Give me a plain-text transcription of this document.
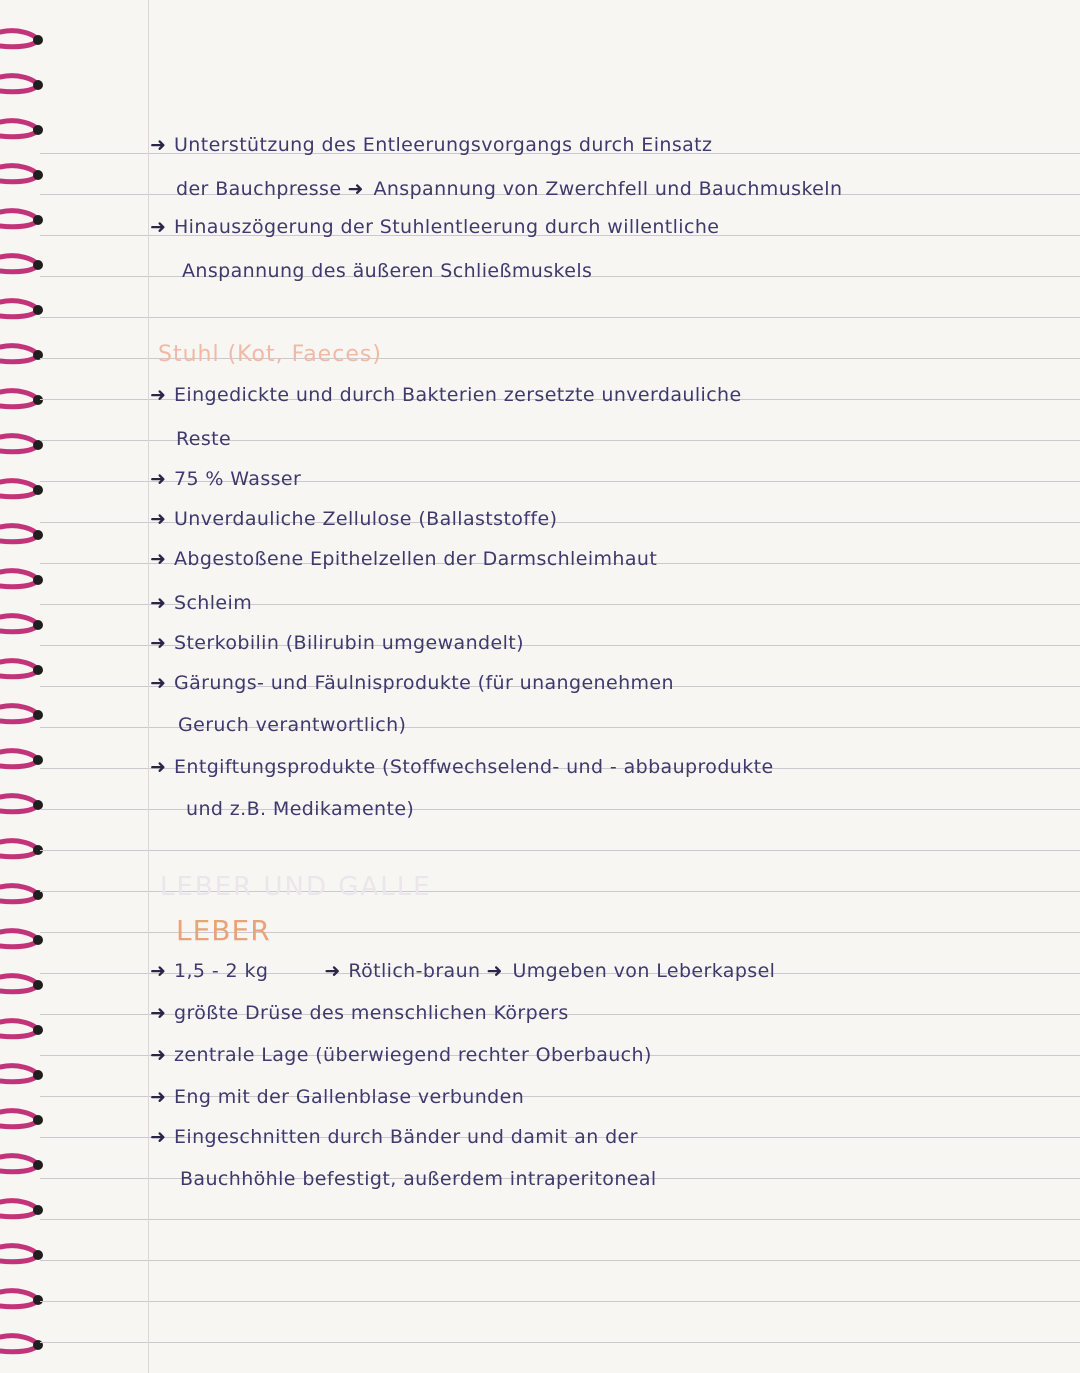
➜ Unterstützung des Entleerungsvorgangs durch Einsatz
der Bauchpresse ➜ Anspannung von Zwerchfell und Bauchmuskeln
➜ Hinauszögerung der Stuhlentleerung durch willentliche
Anspannung des äußeren Schließmuskels
Stuhl (Kot, Faeces)
➜ Eingedickte und durch Bakterien zersetzte unverdauliche
Reste
➜ 75 % Wasser
➜ Unverdauliche Zellulose (Ballaststoffe)
➜ Abgestoßene Epithelzellen der Darmschleimhaut
➜ Schleim
➜ Sterkobilin (Bilirubin umgewandelt)
➜ Gärungs- und Fäulnisprodukte (für unangenehmen
Geruch verantwortlich)
➜ Entgiftungsprodukte (Stoffwechselend- und - abbauprodukte
und z.B. Medikamente)
LEBER UND GALLE
LEBER
➜ 1,5 - 2 kg	➜ Rötlich-braun ➜ Umgeben von Leberkapsel
➜ größte Drüse des menschlichen Körpers
➜ zentrale Lage (überwiegend rechter Oberbauch)
➜ Eng mit der Gallenblase verbunden
➜ Eingeschnitten durch Bänder und damit an der
Bauchhöhle befestigt, außerdem intraperitoneal
